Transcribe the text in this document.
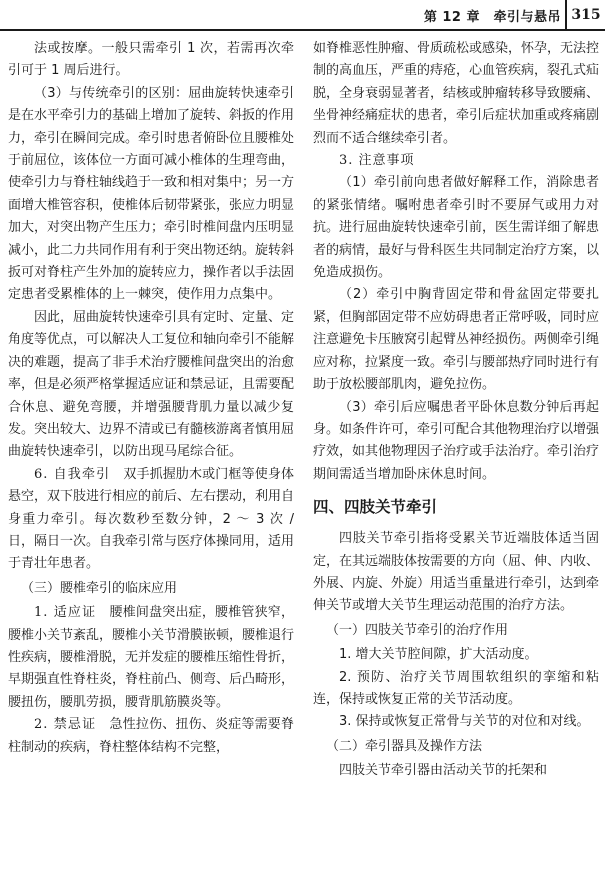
第 12 章　牵引与悬吊 315

法或按摩。一般只需牵引 1 次，若需再次牵引可于 1 周后进行。

（3）与传统牵引的区别：屈曲旋转快速牵引是在水平牵引力的基础上增加了旋转、斜扳的作用力，牵引在瞬间完成。牵引时患者俯卧位且腰椎处于前屈位，该体位一方面可减小椎体的生理弯曲，使牵引力与脊柱轴线趋于一致和相对集中；另一方面增大椎管容积，使椎体后韧带紧张，张应力明显加大，对突出物产生压力；牵引时椎间盘内压明显减小，此二力共同作用有利于突出物还纳。旋转斜扳可对脊柱产生外加的旋转应力，操作者以手法固定患者受累椎体的上一棘突，使作用力点集中。

因此，屈曲旋转快速牵引具有定时、定量、定角度等优点，可以解决人工复位和轴向牵引不能解决的难题，提高了非手术治疗腰椎间盘突出的治愈率，但是必须严格掌握适应证和禁忌证，且需要配合休息、避免弯腰，并增强腰背肌力量以减少复发。突出较大、边界不清或已有髓核游离者慎用屈曲旋转快速牵引，以防出现马尾综合征。

6. 自我牵引　 双手抓握肋木或门框等使身体悬空，双下肢进行相应的前后、左右摆动，利用自身重力牵引。每次数秒至数分钟，2 ～ 3 次 / 日，隔日一次。自我牵引常与医疗体操同用，适用于青壮年患者。

（三）腰椎牵引的临床应用

1. 适应证　 腰椎间盘突出症，腰椎管狭窄，腰椎小关节紊乱，腰椎小关节滑膜嵌顿，腰椎退行性疾病，腰椎滑脱，无并发症的腰椎压缩性骨折，早期强直性脊柱炎，脊柱前凸、侧弯、后凸畸形，腰扭伤，腰肌劳损，腰背肌筋膜炎等。

2. 禁忌证　 急性拉伤、扭伤、炎症等需要脊柱制动的疾病，脊柱整体结构不完整，

如脊椎恶性肿瘤、骨质疏松或感染，怀孕，无法控制的高血压，严重的痔疮，心血管疾病，裂孔式疝脱，全身衰弱显著者，结核或肿瘤转移导致腰痛、坐骨神经痛症状的患者，牵引后症状加重或疼痛剧烈而不适合继续牵引者。

3. 注意事项

（1）牵引前向患者做好解释工作，消除患者的紧张情绪。嘱咐患者牵引时不要屏气或用力对抗。进行屈曲旋转快速牵引前，医生需详细了解患者的病情，最好与骨科医生共同制定治疗方案，以免造成损伤。

（2）牵引中胸背固定带和骨盆固定带要扎紧，但胸部固定带不应妨碍患者正常呼吸，同时应注意避免卡压腋窝引起臂丛神经损伤。两侧牵引绳应对称，拉紧度一致。牵引与腰部热疗同时进行有助于放松腰部肌肉，避免拉伤。

（3）牵引后应嘱患者平卧休息数分钟后再起身。如条件许可，牵引可配合其他物理治疗以增强疗效，如其他物理因子治疗或手法治疗。牵引治疗期间需适当增加卧床休息时间。

四、四肢关节牵引

四肢关节牵引指将受累关节近端肢体适当固定，在其远端肢体按需要的方向（屈、伸、内收、外展、内旋、外旋）用适当重量进行牵引，达到牵伸关节或增大关节生理运动范围的治疗方法。

（一）四肢关节牵引的治疗作用

1. 增大关节腔间隙，扩大活动度。

2. 预防、治疗关节周围软组织的挛缩和粘连，保持或恢复正常的关节活动度。

3. 保持或恢复正常骨与关节的对位和对线。

（二）牵引器具及操作方法

四肢关节牵引器由活动关节的托架和
